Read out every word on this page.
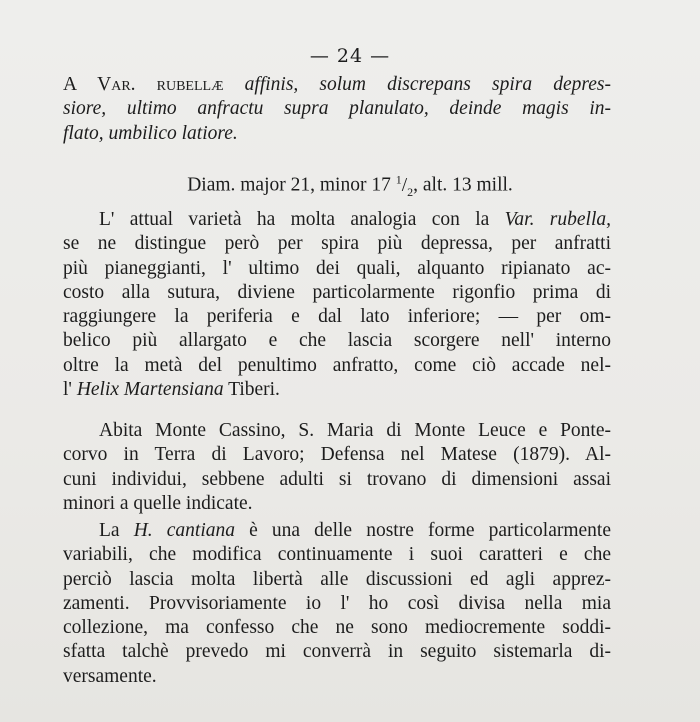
— 24 —
A Var. rubellæ affinis, solum discrepans spira depres-
siore, ultimo anfractu supra planulato, deinde magis in-
flato, umbilico latiore.
Diam. major 21, minor 17 $^1/_2$, alt. 13 mill.
L' attual varietà ha molta analogia con la Var. rubella,
se ne distingue però per spira più depressa, per anfratti
più pianeggianti, l' ultimo dei quali, alquanto ripianato ac-
costo alla sutura, diviene particolarmente rigonfio prima di
raggiungere la periferia e dal lato inferiore; — per om-
belico più allargato e che lascia scorgere nell' interno
oltre la metà del penultimo anfratto, come ciò accade nel-
l' Helix Martensiana Tiberi.
Abita Monte Cassino, S. Maria di Monte Leuce e Ponte-
corvo in Terra di Lavoro; Defensa nel Matese (1879). Al-
cuni individui, sebbene adulti si trovano di dimensioni assai
minori a quelle indicate.
La H. cantiana è una delle nostre forme particolarmente
variabili, che modifica continuamente i suoi caratteri e che
perciò lascia molta libertà alle discussioni ed agli apprez-
zamenti. Provvisoriamente io l' ho così divisa nella mia
collezione, ma confesso che ne sono mediocremente soddi-
sfatta talchè prevedo mi converrà in seguito sistemarla di-
versamente.
